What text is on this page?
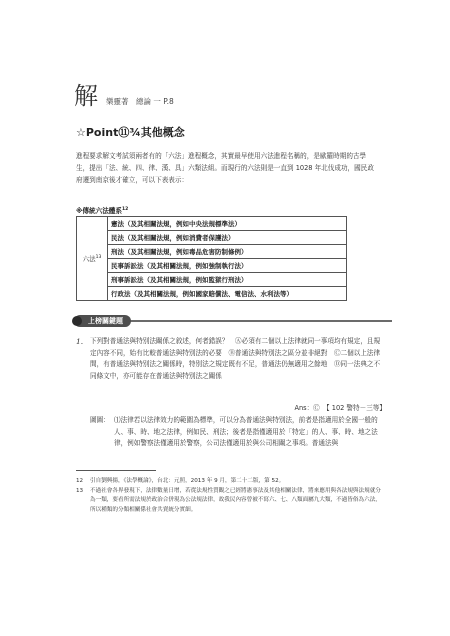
解 樂靈著　總論 一 P.8
☆Point⑪¾其他概念
進程要求解文考試須兩者有的「六法」進程概念，其實最早使用六法進程名稱的，是歐羅時期的古學生，提出「法、統、四、律、漢、具」六類法組。而現行的六法則是一直到 1028 年北伐成功，國民政府遷到南京後才確立，可以下表表示：
※傳統六法體系$^{12}$
六法$^{13}$	憲法（及其相關法規，例如中央法規標準法）
民法（及其相關法規，例如消費者保護法）
刑法（及其相關法規，例如毒品危害防制條例）
民事訴訟法（及其相關法規，例如強制執行法）
刑事訴訟法（及其相關法規，例如監獄行刑法）
行政法（及其相關法規，例如國家賠償法、電信法、水利法等）
上榜關鍵題
1. 下列對普通法與特別法關係之敘述，何者錯誤？　Ⓐ必須有二個以上法律就同一事項均有規定，且規定內容不同，始有比較普通法與特別法的必要　Ⓑ普通法與特別法之區分並非絕對　Ⓒ二個以上法律間，有普通法與特別法之關係時，特別法之規定既有不足，普通法仍無適用之餘地　Ⓓ同一法典之不同條文中，亦可能存在普通法與特別法之關係
Ans：Ⓒ　【 102 警特－三等】
圖圖： ⑴法律若以法律效力的範圍為標準，可以分為普通法與特別法，前者是指適用於全國一般的人、事、時、地之法律，例如民、刑法；後者是指僅適用於「特定」的人、事、時、地之法律，例如警察法僅適用於警察，公司法僅適用於與公司相關之事項。普通法與
12	引自劉興揚，《法學概論》，台北：元照，2013 年 9 月，第二十二版，第 52。
13	不過社會各界發現下，法律數量日增，若從法規性質觀之已經將憲事法及其他相關法律，將來應用與各法規與法規就分為一類，要看所需法規於政治合併現為公法規法律，故我民內容曾被不寫六、七、八類面屬九大類，不過皆俗為六法，所以種類的分類相關係社會共賣統分實細。
